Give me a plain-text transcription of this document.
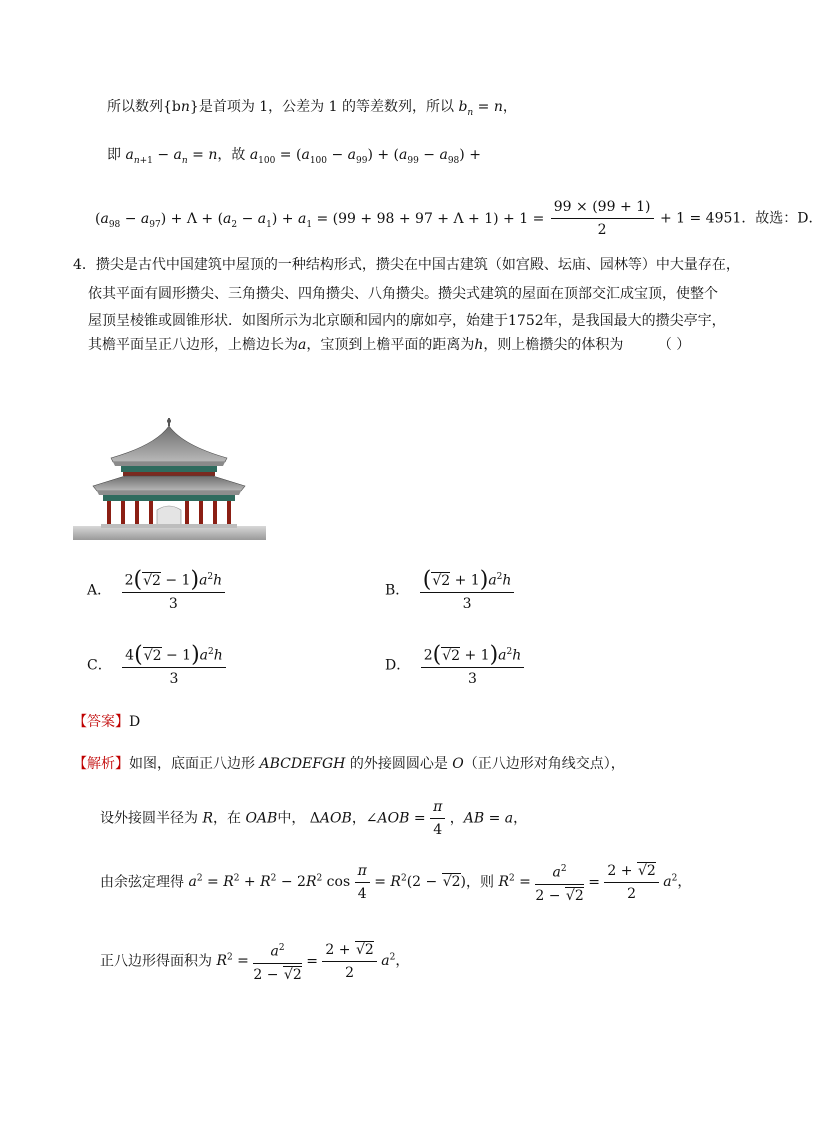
所以数列{bn}是首项为 1，公差为 1 的等差数列，所以 $b_n = n$，
即 $a_{n+1} - a_n = n$，故 $a_{100} = (a_{100} - a_{99}) + (a_{99} - a_{98})$ +
$(a_{98} - a_{97}) + \Lambda + (a_2 - a_1) + a_1 = (99 + 98 + 97 + \Lambda + 1) + 1 = \frac{99 \times (99 + 1)}{2} + 1 = 4951$．故选：D．
4．攒尖是古代中国建筑中屋顶的一种结构形式，攒尖在中国古建筑（如宫殿、坛庙、园林等）中大量存在，
依其平面有圆形攒尖、三角攒尖、四角攒尖、八角攒尖。攒尖式建筑的屋面在顶部交汇成宝顶，使整个
屋顶呈棱锥或圆锥形状．如图所示为北京颐和园内的廓如亭，始建于1752年，是我国最大的攒尖亭宇，
其檐平面呈正八边形，上檐边长为a，宝顶到上檐平面的距离为h，则上檐攒尖的体积为 （ ）
A． $\frac{2(√2 - 1)a^2h}{3}$	B． $\frac{(√2 + 1)a^2h}{3}$
C． $\frac{4(√2 - 1)a^2h}{3}$	D． $\frac{2(√2 + 1)a^2h}{3}$
【答案】D
【解析】如图，底面正八边形 ABCDEFGH 的外接圆圆心是 O（正八边形对角线交点），
设外接圆半径为 R，在 OAB中， ΔAOB，∠AOB = $\frac{\pi}{4}$ ，AB = a，
由余弦定理得 $a^2 = R^2 + R^2 - 2R^2$ $\cos \frac{\pi}{4} = R^2(2 - √2)$，则 $R^2 = \frac{a^2}{2 - √2} = \frac{2 + √2}{2} a^2$，
正八边形得面积为 $R^2 = \frac{a^2}{2 - √2} = \frac{2 + √2}{2} a^2$，
